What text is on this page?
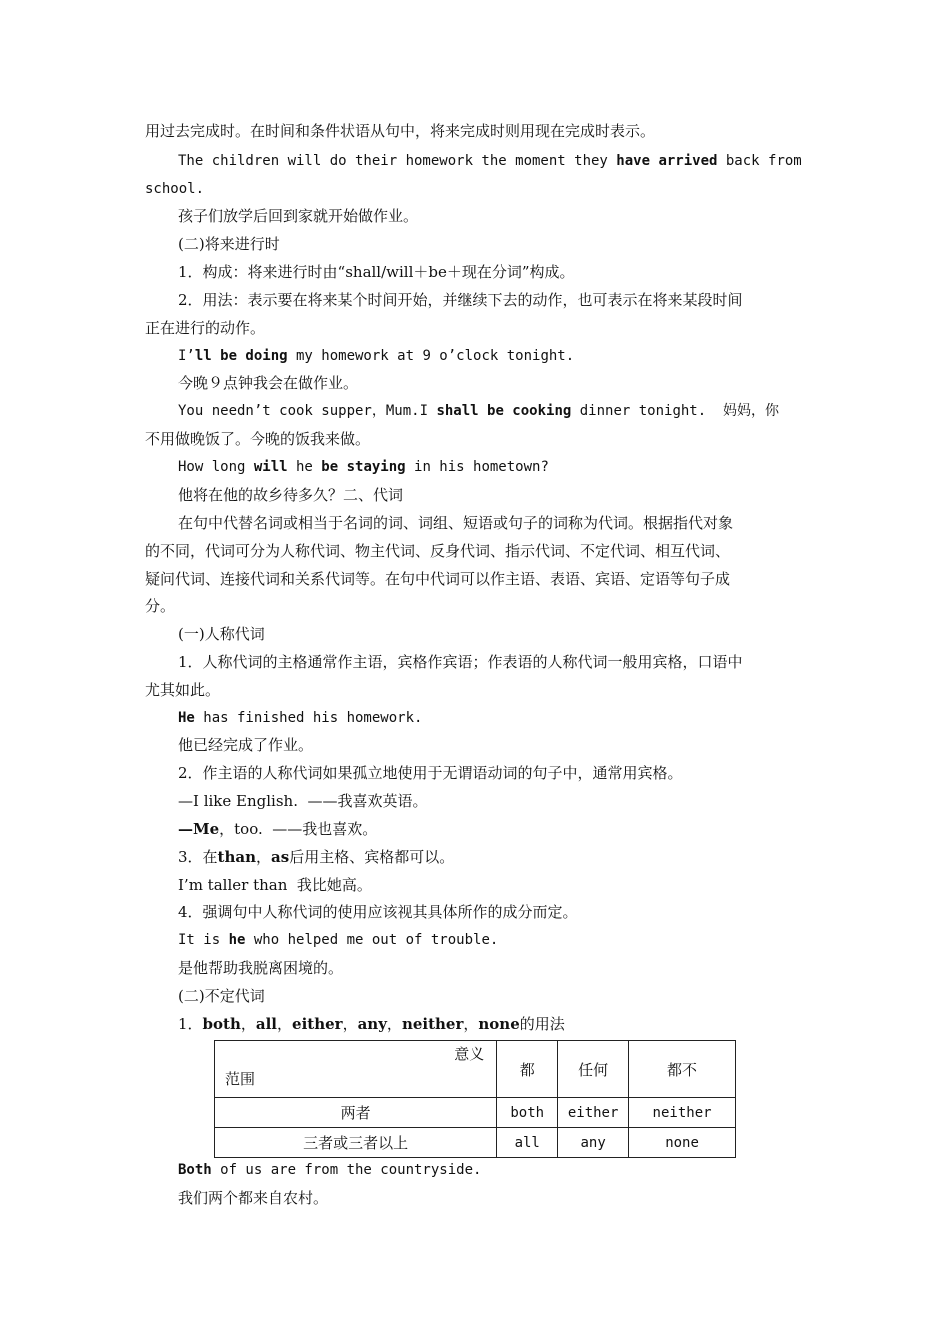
用过去完成时。在时间和条件状语从句中，将来完成时则用现在完成时表示。
The children will do their homework the moment they have arrived back from
school.
孩子们放学后回到家就开始做作业。
(二)将来进行时
1．构成：将来进行时由“shall/will＋be＋现在分词”构成。
2．用法：表示要在将来某个时间开始，并继续下去的动作，也可表示在将来某段时间
正在进行的动作。
I’ll be doing my homework at 9 o’clock tonight.
今晚９点钟我会在做作业。
You needn’t cook supper，Mum.I shall be cooking dinner tonight.  妈妈，你
不用做晚饭了。今晚的饭我来做。
How long will he be staying in his hometown?
他将在他的故乡待多久？二、代词
在句中代替名词或相当于名词的词、词组、短语或句子的词称为代词。根据指代对象
的不同，代词可分为人称代词、物主代词、反身代词、指示代词、不定代词、相互代词、
疑问代词、连接代词和关系代词等。在句中代词可以作主语、表语、宾语、定语等句子成
分。
(一)人称代词
1．人称代词的主格通常作主语，宾格作宾语；作表语的人称代词一般用宾格，口语中
尤其如此。
He has finished his homework.
他已经完成了作业。
2．作主语的人称代词如果孤立地使用于无谓语动词的句子中，通常用宾格。
—I like English.  ——我喜欢英语。
—Me，too.  ——我也喜欢。
3．在than，as后用主格、宾格都可以。
I’m taller than  我比她高。
4．强调句中人称代词的使用应该视其具体所作的成分而定。
It is he who helped me out of trouble.
是他帮助我脱离困境的。
(二)不定代词
1．both，all，either，any，neither，none的用法
意义
范围	都	任何	都不
两者	both	either	neither
三者或三者以上	all	any	none
Both of us are from the countryside.
我们两个都来自农村。
